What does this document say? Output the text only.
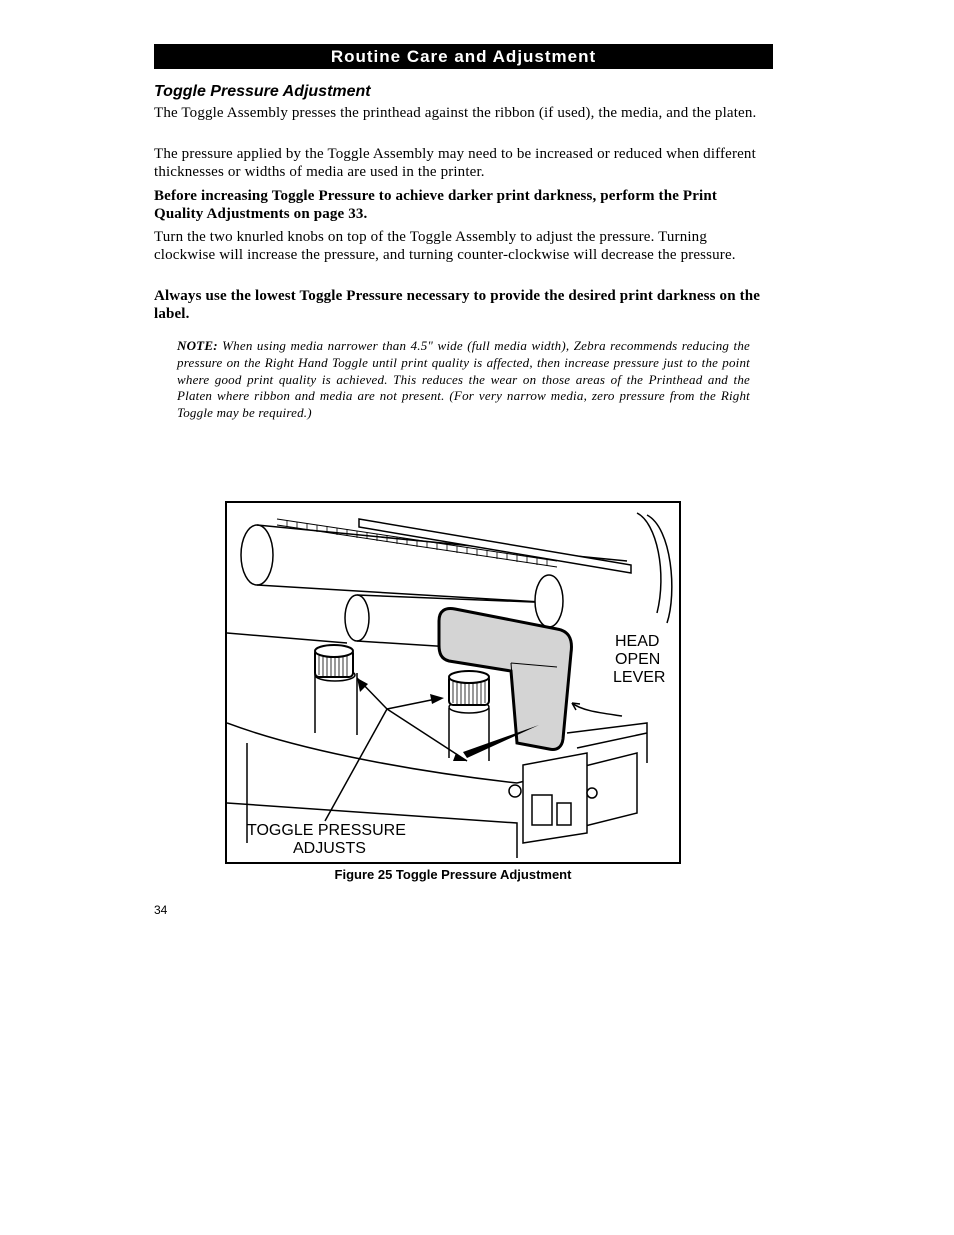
Routine Care and Adjustment
Toggle Pressure Adjustment

The Toggle Assembly presses the printhead against the ribbon (if used), the media, and the platen.

The pressure applied by the Toggle Assembly may need to be increased or reduced when different thicknesses or widths of media are used in the printer.

Before increasing Toggle Pressure to achieve darker print darkness, perform the Print Quality Adjustments on page 33.

Turn the two knurled knobs on top of the Toggle Assembly to adjust the pressure. Turning clockwise will increase the pressure, and turning counter-clockwise will decrease the pressure.

Always use the lowest Toggle Pressure necessary to provide the desired print darkness on the label.

NOTE: When using media narrower than 4.5" wide (full media width), Zebra recommends reducing the pressure on the Right Hand Toggle until print quality is affected, then increase pressure just to the point where good print quality is achieved. This reduces the wear on those areas of the Printhead and the Platen where ribbon and media are not present. (For very narrow media, zero pressure from the Right Toggle may be required.)

HEAD
OPEN
LEVER
TOGGLE PRESSURE
ADJUSTS
Figure 25 Toggle Pressure Adjustment
34
